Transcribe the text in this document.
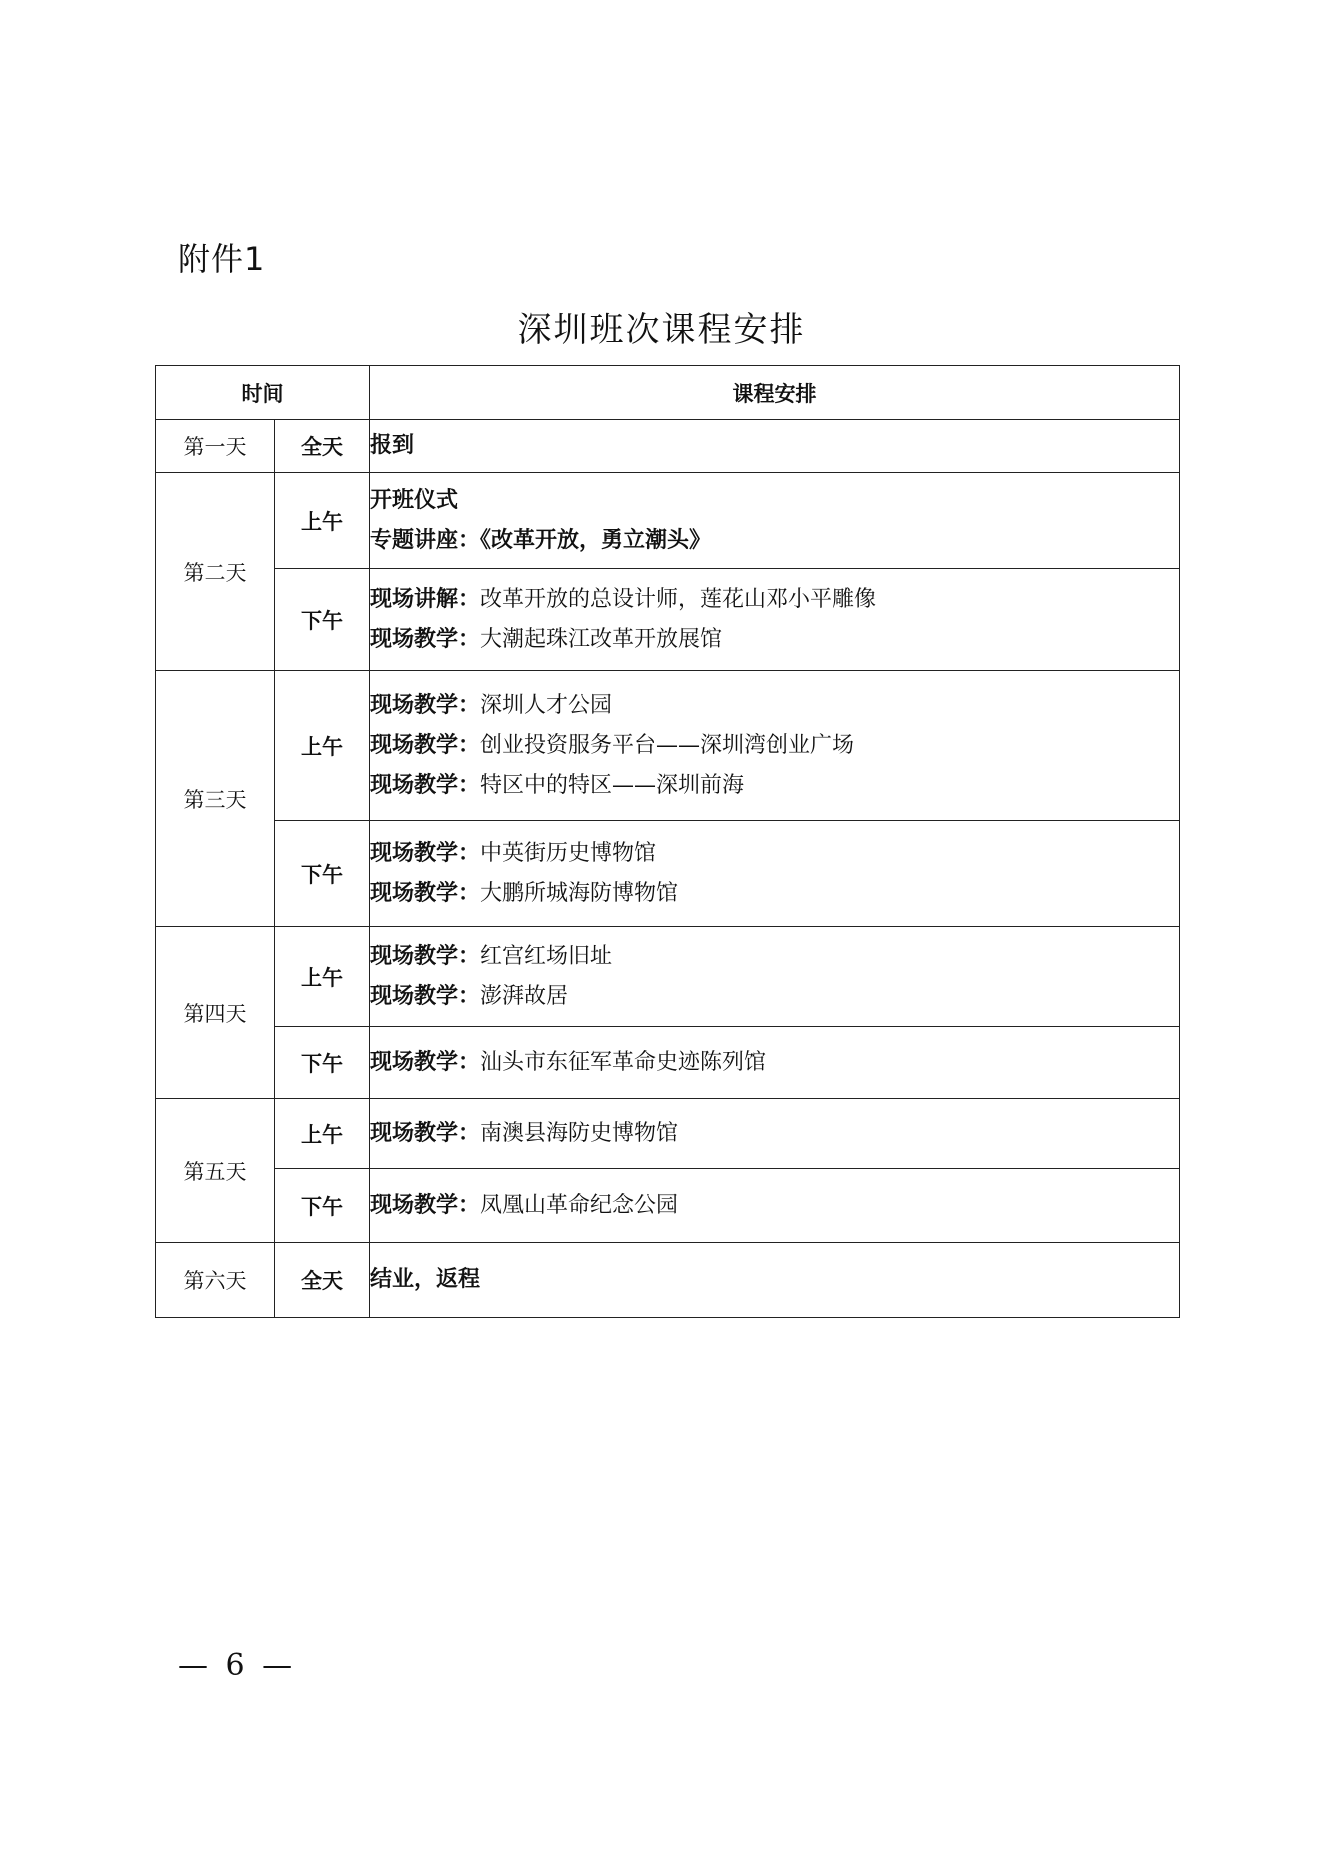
附件1
深圳班次课程安排
时间		课程安排
第一天	全天	报到

第二天	上午	开班仪式
专题讲座：《改革开放，勇立潮头》

	下午	现场讲解：改革开放的总设计师，莲花山邓小平雕像
现场教学：大潮起珠江改革开放展馆

第三天	上午	现场教学：深圳人才公园
现场教学：创业投资服务平台——深圳湾创业广场
现场教学：特区中的特区——深圳前海

	下午	现场教学：中英街历史博物馆
现场教学：大鹏所城海防博物馆

第四天	上午	现场教学：红宫红场旧址
现场教学：澎湃故居

	下午	现场教学：汕头市东征军革命史迹陈列馆

第五天	上午	现场教学：南澳县海防史博物馆

	下午	现场教学：凤凰山革命纪念公园

第六天	全天	结业，返程
— 6 —
